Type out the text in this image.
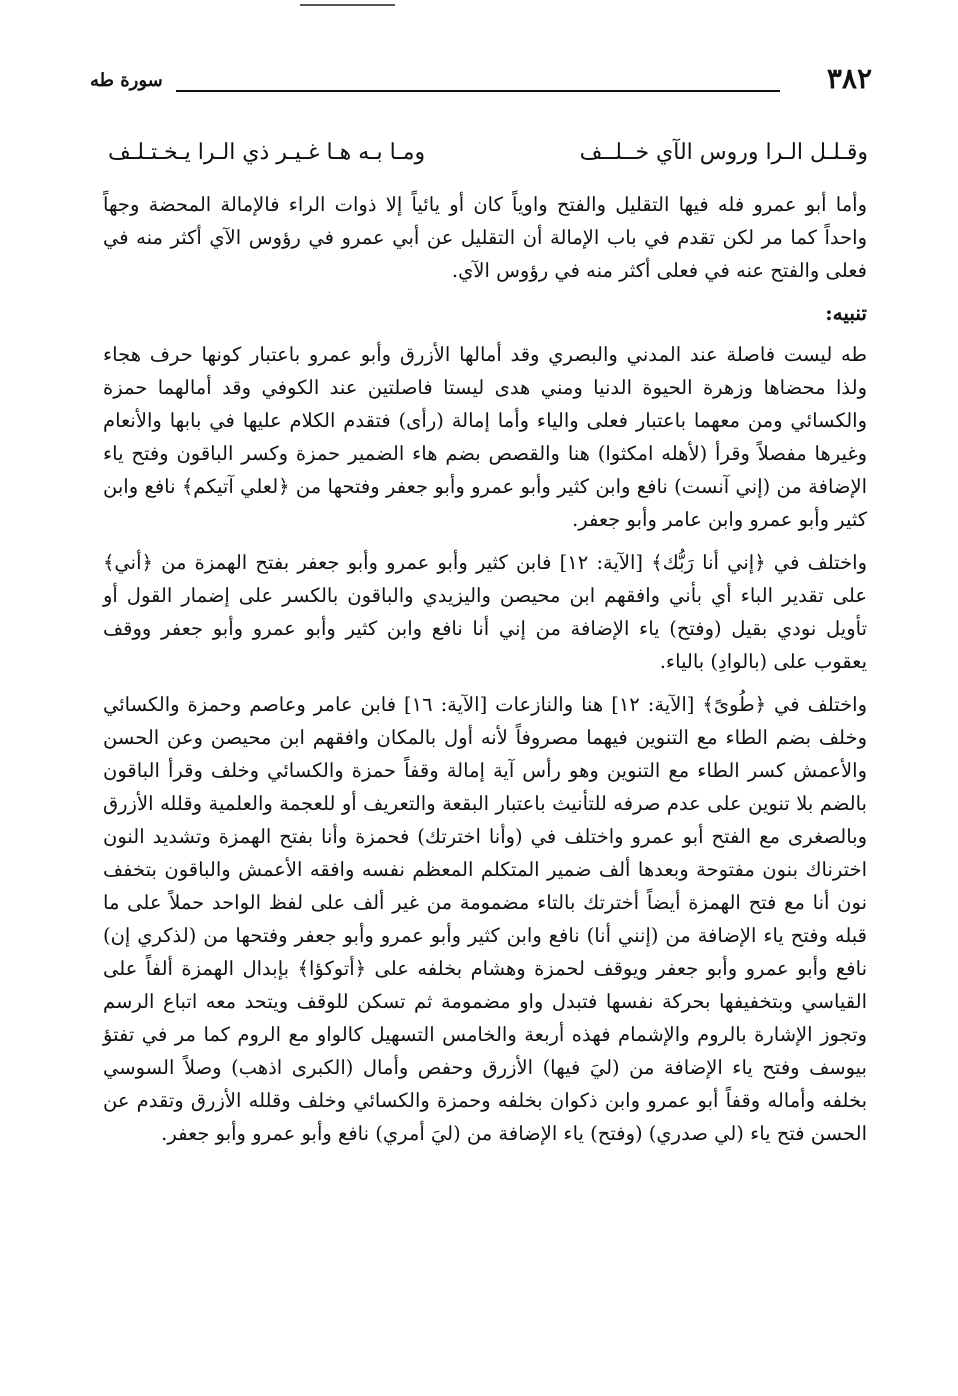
٣٨٢
سورة طه
وقـلـل الـرا وروس الآي خــلــف
ومـا بـه هـا غـيـر ذي الـرا يـخـتـلـف

وأما أبو عمرو فله فيها التقليل والفتح واوياً كان أو يائياً إلا ذوات الراء فالإمالة المحضة وجهاً واحداً كما مر لكن تقدم في باب الإمالة أن التقليل عن أبي عمرو في رؤوس الآي أكثر منه في فعلى والفتح عنه في فعلى أكثر منه في رؤوس الآي.

تنبيه:

طه ليست فاصلة عند المدني والبصري وقد أمالها الأزرق وأبو عمرو باعتبار كونها حرف هجاء ولذا محضاها وزهرة الحيوة الدنيا ومني هدى ليستا فاصلتين عند الكوفي وقد أمالهما حمزة والكسائي ومن معهما باعتبار فعلى والياء وأما إمالة (رأى) فتقدم الكلام عليها في بابها والأنعام وغيرها مفصلاً وقرأ (لأهله امكثوا) هنا والقصص بضم هاء الضمير حمزة وكسر الباقون وفتح ياء الإضافة من (إني آنست) نافع وابن كثير وأبو عمرو وأبو جعفر وفتحها من ﴿لعلي آتيكم﴾ نافع وابن كثير وأبو عمرو وابن عامر وأبو جعفر.

واختلف في ﴿إني أنا رَبُّك﴾ [الآية: ١٢] فابن كثير وأبو عمرو وأبو جعفر بفتح الهمزة من ﴿أني﴾ على تقدير الباء أي بأني وافقهم ابن محيصن واليزيدي والباقون بالكسر على إضمار القول أو تأويل نودي بقيل (وفتح) ياء الإضافة من إني أنا نافع وابن كثير وأبو عمرو وأبو جعفر ووقف يعقوب على (بالوادِ) بالياء.

واختلف في ﴿طُوىً﴾ [الآية: ١٢] هنا والنازعات [الآية: ١٦] فابن عامر وعاصم وحمزة والكسائي وخلف بضم الطاء مع التنوين فيهما مصروفاً لأنه أول بالمكان وافقهم ابن محيصن وعن الحسن والأعمش كسر الطاء مع التنوين وهو رأس آية إمالة وقفاً حمزة والكسائي وخلف وقرأ الباقون بالضم بلا تنوين على عدم صرفه للتأنيث باعتبار البقعة والتعريف أو للعجمة والعلمية وقلله الأزرق وبالصغرى مع الفتح أبو عمرو واختلف في (وأنا اخترتك) فحمزة وأنا بفتح الهمزة وتشديد النون اخترناك بنون مفتوحة وبعدها ألف ضمير المتكلم المعظم نفسه وافقه الأعمش والباقون بتخفف نون أنا مع فتح الهمزة أيضاً أخترتك بالتاء مضمومة من غير ألف على لفظ الواحد حملاً على ما قبله وفتح ياء الإضافة من (إنني أنا) نافع وابن كثير وأبو عمرو وأبو جعفر وفتحها من (لذكري إن) نافع وأبو عمرو وأبو جعفر ويوقف لحمزة وهشام بخلفه على ﴿أتوكؤا﴾ بإبدال الهمزة ألفاً على القياسي وبتخفيفها بحركة نفسها فتبدل واو مضمومة ثم تسكن للوقف ويتحد معه اتباع الرسم وتجوز الإشارة بالروم والإشمام فهذه أربعة والخامس التسهيل كالواو مع الروم كما مر في تفتؤ بيوسف وفتح ياء الإضافة من (ليَ فيها) الأزرق وحفص وأمال (الكبرى اذهب) وصلاً السوسي بخلفه وأماله وقفاً أبو عمرو وابن ذكوان بخلفه وحمزة والكسائي وخلف وقلله الأزرق وتقدم عن الحسن فتح ياء (لي صدري) (وفتح) ياء الإضافة من (ليَ أمري) نافع وأبو عمرو وأبو جعفر.
